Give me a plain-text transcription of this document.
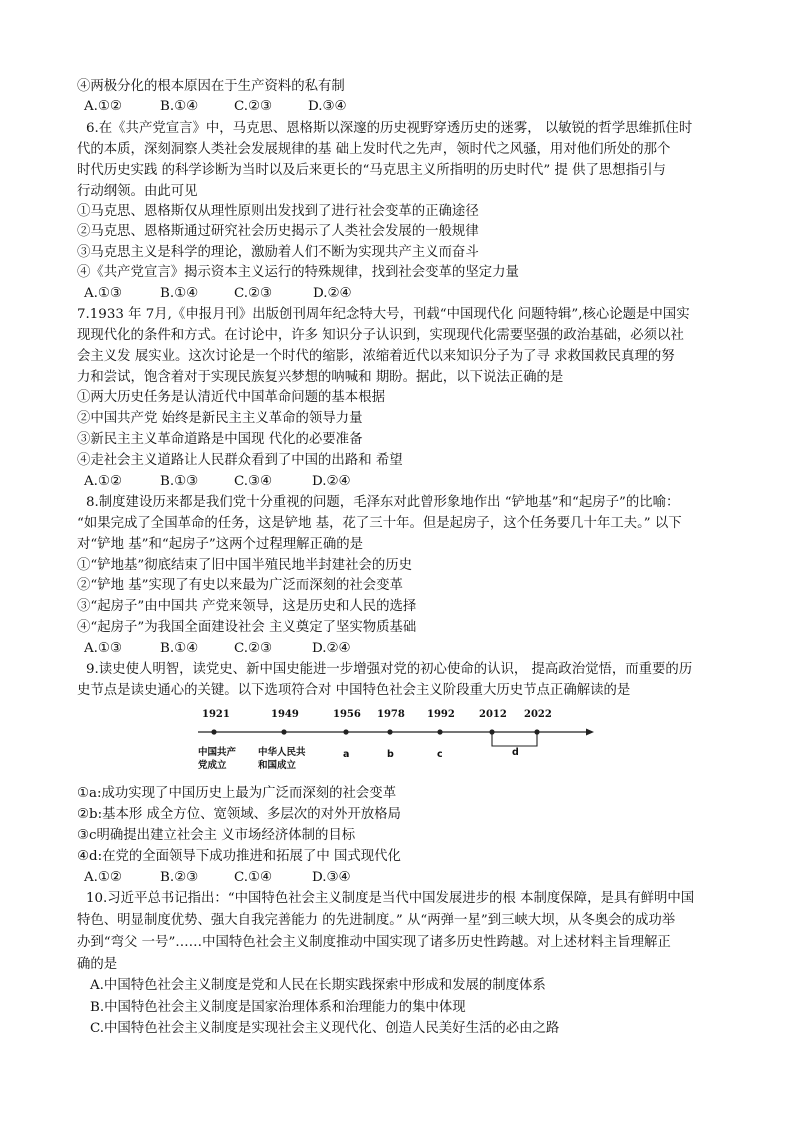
④两极分化的根本原因在于生产资料的私有制
A.①②	B.①④	C.②③	D.③④
6.在《共产党宣言》中，马克思、恩格斯以深邃的历史视野穿透历史的迷雾， 以敏锐的哲学思维抓住时
代的本质，深刻洞察人类社会发展规律的基 础上发时代之先声，领时代之风骚，用对他们所处的那个
时代历史实践 的科学诊断为当时以及后来更长的“马克思主义所指明的历史时代” 提 供了思想指引与
行动纲领。由此可见
①马克思、恩格斯仅从理性原则出发找到了进行社会变革的正确途径
②马克思、恩格斯通过研究社会历史揭示了人类社会发展的一般规律
③马克思主义是科学的理论，激励着人们不断为实现共产主义而奋斗
④《共产党宣言》揭示资本主义运行的特殊规律，找到社会变革的坚定力量
A.①③	B.①④	C.②③	D.②④
7.1933 年 7月,《申报月刊》出版创刊周年纪念特大号，刊载“中国现代化 问题特辑”,核心论题是中国实
现现代化的条件和方式。在讨论中，许多 知识分子认识到，实现现代化需要坚强的政治基础，必须以社
会主义发 展实业。这次讨论是一个时代的缩影，浓缩着近代以来知识分子为了寻 求救国救民真理的努
力和尝试，饱含着对于实现民族复兴梦想的呐喊和 期盼。据此，以下说法正确的是
①两大历史任务是认清近代中国革命问题的基本根据
②中国共产党 始终是新民主主义革命的领导力量
③新民主主义革命道路是中国现 代化的必要准备
④走社会主义道路让人民群众看到了中国的出路和 希望
A.①②	B.①③	C.③④	D.②④
8.制度建设历来都是我们党十分重视的问题，毛泽东对此曾形象地作出 “铲地基”和“起房子”的比喻：
“如果完成了全国革命的任务，这是铲地 基，花了三十年。但是起房子，这个任务要几十年工夫。” 以下
对“铲地 基”和“起房子”这两个过程理解正确的是
①“铲地基”彻底结束了旧中国半殖民地半封建社会的历史
②“铲地 基”实现了有史以来最为广泛而深刻的社会变革
③“起房子”由中国共 产党来领导，这是历史和人民的选择
④“起房子”为我国全面建设社会 主义奠定了坚实物质基础
A.①③	B.①④	C.②③	D.②④
9.读史使人明智，读党史、新中国史能进一步增强对党的初心使命的认识， 提高政治觉悟，而重要的历
史节点是读史通心的关键。以下选项符合对 中国特色社会主义阶段重大历史节点正确解读的是
1921	1949	1956 1978 1992 2012 2022
中国共产
党成立
中华人民共
和国成立
a	b	c	d
①a:成功实现了中国历史上最为广泛而深刻的社会变革
②b:基本形 成全方位、宽领域、多层次的对外开放格局
③c明确提出建立社会主 义市场经济体制的目标
④d:在党的全面领导下成功推进和拓展了中 国式现代化
A.①②	B.②③	C.①④	D.③④
10.习近平总书记指出：“中国特色社会主义制度是当代中国发展进步的根 本制度保障，是具有鲜明中国
特色、明显制度优势、强大自我完善能力 的先进制度。” 从“两弹一星”到三峡大坝，从冬奥会的成功举
办到“弯父 一号”……中国特色社会主义制度推动中国实现了诸多历史性跨越。对上述材料主旨理解正
确的是
A.中国特色社会主义制度是党和人民在长期实践探索中形成和发展的制度体系
B.中国特色社会主义制度是国家治理体系和治理能力的集中体现
C.中国特色社会主义制度是实现社会主义现代化、创造人民美好生活的必由之路
